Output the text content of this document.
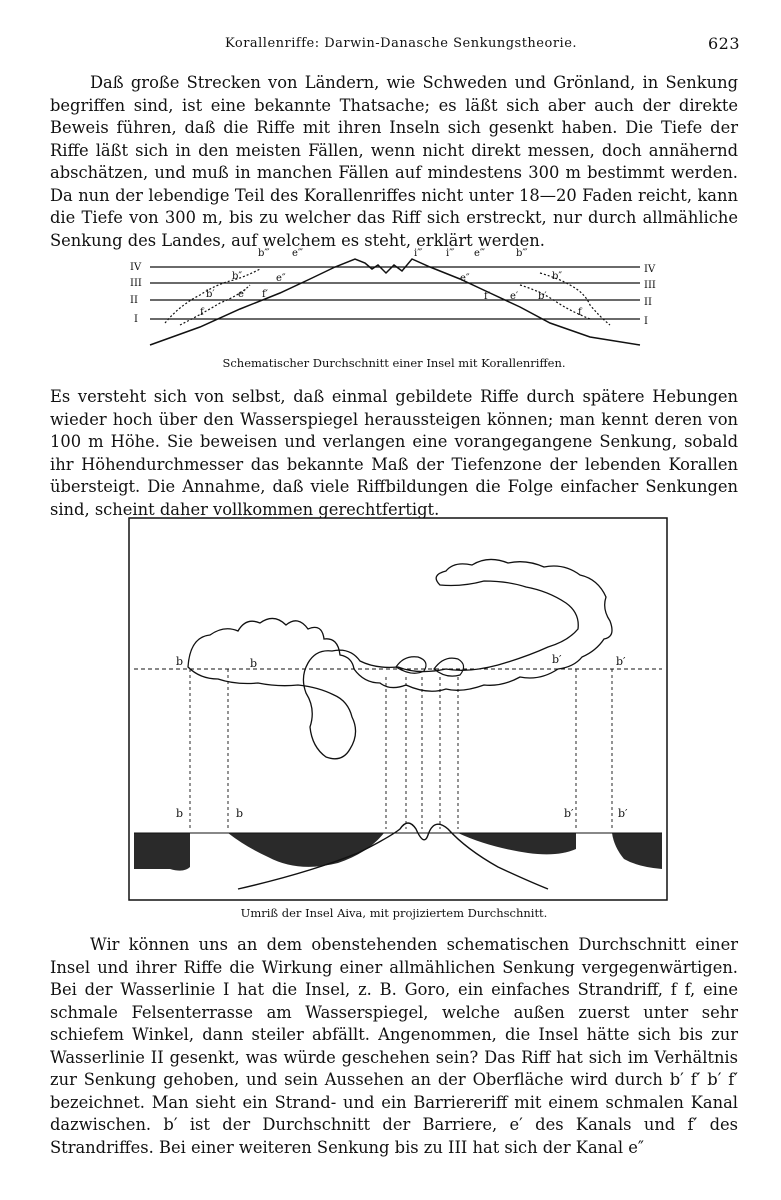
Korallenriffe: Darwin-Danasche Senkungstheorie.	623

Daß große Strecken von Ländern, wie Schweden und Grönland, in Senkung begriffen sind, ist eine bekannte Thatsache; es läßt sich aber auch der direkte Beweis führen, daß die Riffe mit ihren Inseln sich gesenkt haben. Die Tiefe der Riffe läßt sich in den meisten Fällen, wenn nicht direkt messen, doch annähernd abschätzen, und muß in manchen Fällen auf mindestens 300 m bestimmt werden. Da nun der lebendige Teil des Korallenriffes nicht unter 18—20 Faden reicht, kann die Tiefe von 300 m, bis zu welcher das Riff sich erstreckt, nur durch allmähliche Senkung des Landes, auf welchem es steht, erklärt werden.

IV
III
II
I
IV
III
II
I
b‴ e‴	i‴ i‴ e‴	b‴
b″	e″
b′ e′ f′
f
e″	b″
f′ e′ b′
f
Schematischer Durchschnitt einer Insel mit Korallenriffen.

Es versteht sich von selbst, daß einmal gebildete Riffe durch spätere Hebungen wieder hoch über den Wasserspiegel heraussteigen können; man kennt deren von 100 m Höhe. Sie beweisen und verlangen eine vorangegangene Senkung, sobald ihr Höhendurchmesser das bekannte Maß der Tiefenzone der lebenden Korallen übersteigt. Die Annahme, daß viele Riffbildungen die Folge einfacher Senkungen sind, scheint daher vollkommen gerechtfertigt.

b	b	b′	b′
b	b	b′	b′
Umriß der Insel Aiva, mit projiziertem Durchschnitt.

Wir können uns an dem obenstehenden schematischen Durchschnitt einer Insel und ihrer Riffe die Wirkung einer allmählichen Senkung vergegenwärtigen. Bei der Wasserlinie I hat die Insel, z. B. Goro, ein einfaches Strandriff, f f, eine schmale Felsenterrasse am Wasserspiegel, welche außen zuerst unter sehr schiefem Winkel, dann steiler abfällt. Angenommen, die Insel hätte sich bis zur Wasserlinie II gesenkt, was würde geschehen sein? Das Riff hat sich im Verhältnis zur Senkung gehoben, und sein Aussehen an der Oberfläche wird durch b′ f′ b′ f′ bezeichnet. Man sieht ein Strand- und ein Barriereriff mit einem schmalen Kanal dazwischen. b′ ist der Durchschnitt der Barriere, e′ des Kanals und f′ des Strandriffes. Bei einer weiteren Senkung bis zu III hat sich der Kanal e″
